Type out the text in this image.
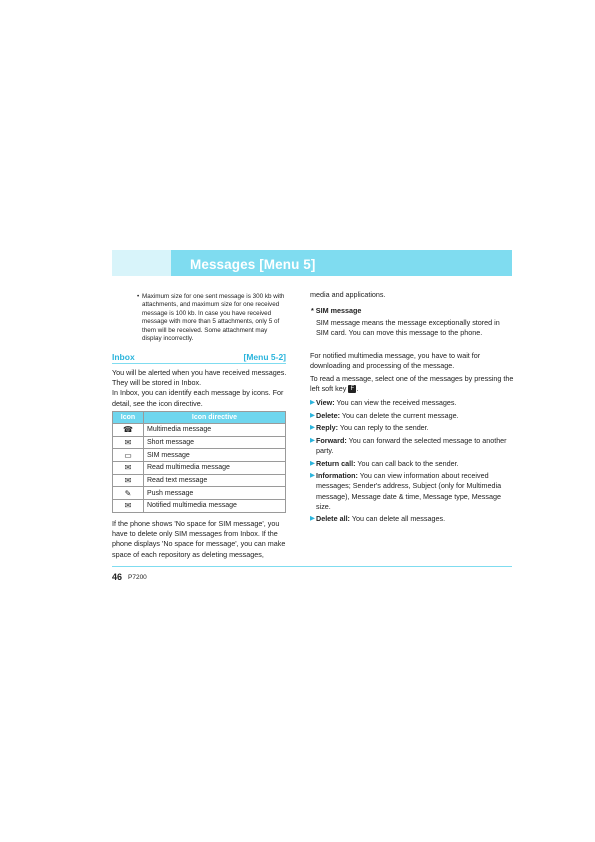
Messages [Menu 5]
• Maximum size for one sent message is 300 kb with attachments, and maximum size for one received message is 100 kb. In case you have received message with more than 5 attachments, only 5 of them will be received. Some attachment may display incorrectly.
Inbox	[Menu 5-2]
You will be alerted when you have received messages. They will be stored in Inbox.
In Inbox, you can identify each message by icons. For detail, see the icon directive.
Icon	Icon directive
☎	Multimedia message
✉	Short message
▭	SIM message
✉	Read multimedia message
✉	Read text message
✎	Push message
✉	Notified multimedia message
If the phone shows 'No space for SIM message', you have to delete only SIM messages from Inbox. If the phone displays 'No space for message', you can make space of each repository as deleting messages,
media and applications.
* SIM message
SIM message means the message exceptionally stored in SIM card. You can move this message to the phone.
For notified multimedia message, you have to wait for downloading and processing of the message.
To read a message, select one of the messages by pressing the left soft key F .
▶ View: You can view the received messages.
▶ Delete: You can delete the current message.
▶ Reply: You can reply to the sender.
▶ Forward: You can forward the selected message to another party.
▶ Return call: You can call back to the sender.
▶ Information: You can view information about received messages; Sender's address, Subject (only for Multimedia message), Message date & time, Message type, Message size.
▶ Delete all: You can delete all messages.
46 P7200
